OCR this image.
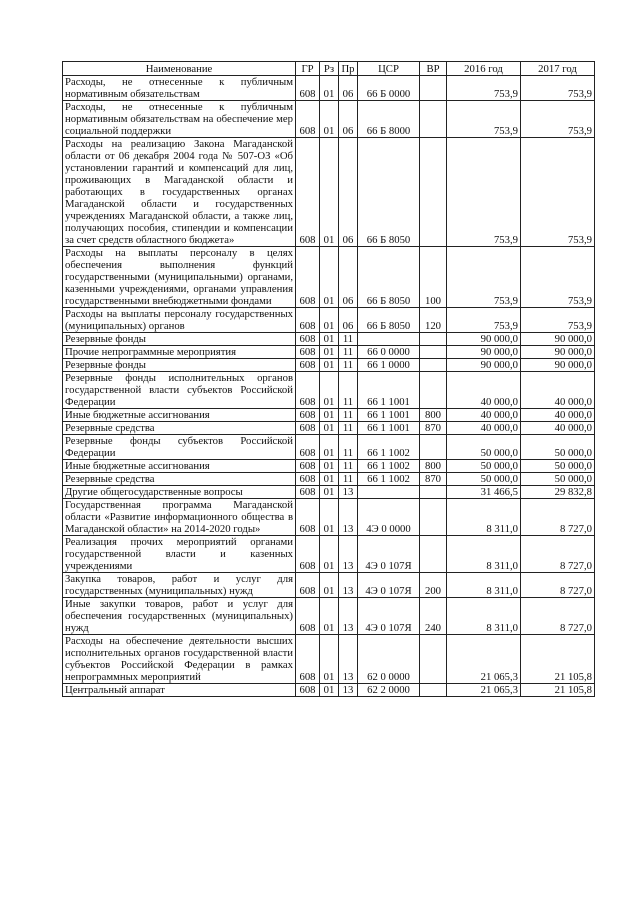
Наименование	ГР	Рз	Пр	ЦСР	ВР	2016 год	2017 год
Расходы, не отнесенные к публичным нормативным обязательствам	608	01	06	66 Б 0000		753,9	753,9
Расходы, не отнесенные к публичным нормативным обязательствам на обеспечение мер социальной поддержки	608	01	06	66 Б 8000		753,9	753,9
Расходы на реализацию Закона Магаданской области от 06 декабря 2004 года № 507-ОЗ «Об установлении гарантий и компенсаций для лиц, проживающих в Магаданской области и работающих в государственных органах Магаданской области и государственных учреждениях Магаданской области, а также лиц, получающих пособия, стипендии и компенсации за счет средств областного бюджета»	608	01	06	66 Б 8050		753,9	753,9
Расходы на выплаты персоналу в целях обеспечения выполнения функций государственными (муниципальными) органами, казенными учреждениями, органами управления государственными внебюджетными фондами	608	01	06	66 Б 8050	100	753,9	753,9
Расходы на выплаты персоналу государственных (муниципальных) органов	608	01	06	66 Б 8050	120	753,9	753,9
Резервные фонды	608	01	11			90 000,0	90 000,0
Прочие непрограммные мероприятия	608	01	11	66 0 0000		90 000,0	90 000,0
Резервные фонды	608	01	11	66 1 0000		90 000,0	90 000,0
Резервные фонды исполнительных органов государственной власти субъектов Российской Федерации	608	01	11	66 1 1001		40 000,0	40 000,0
Иные бюджетные ассигнования	608	01	11	66 1 1001	800	40 000,0	40 000,0
Резервные средства	608	01	11	66 1 1001	870	40 000,0	40 000,0
Резервные фонды субъектов Российской Федерации	608	01	11	66 1 1002		50 000,0	50 000,0
Иные бюджетные ассигнования	608	01	11	66 1 1002	800	50 000,0	50 000,0
Резервные средства	608	01	11	66 1 1002	870	50 000,0	50 000,0
Другие общегосударственные вопросы	608	01	13			31 466,5	29 832,8
Государственная программа Магаданской области «Развитие информационного общества в Магаданской области» на 2014-2020 годы»	608	01	13	4Э 0 0000		8 311,0	8 727,0
Реализация прочих мероприятий органами государственной власти и казенных учреждениями	608	01	13	4Э 0 107Я		8 311,0	8 727,0
Закупка товаров, работ и услуг для государственных (муниципальных) нужд	608	01	13	4Э 0 107Я	200	8 311,0	8 727,0
Иные закупки товаров, работ и услуг для обеспечения государственных (муниципальных) нужд	608	01	13	4Э 0 107Я	240	8 311,0	8 727,0
Расходы на обеспечение деятельности высших исполнительных органов государственной власти субъектов Российской Федерации в рамках непрограммных мероприятий	608	01	13	62 0 0000		21 065,3	21 105,8
Центральный аппарат	608	01	13	62 2 0000		21 065,3	21 105,8
